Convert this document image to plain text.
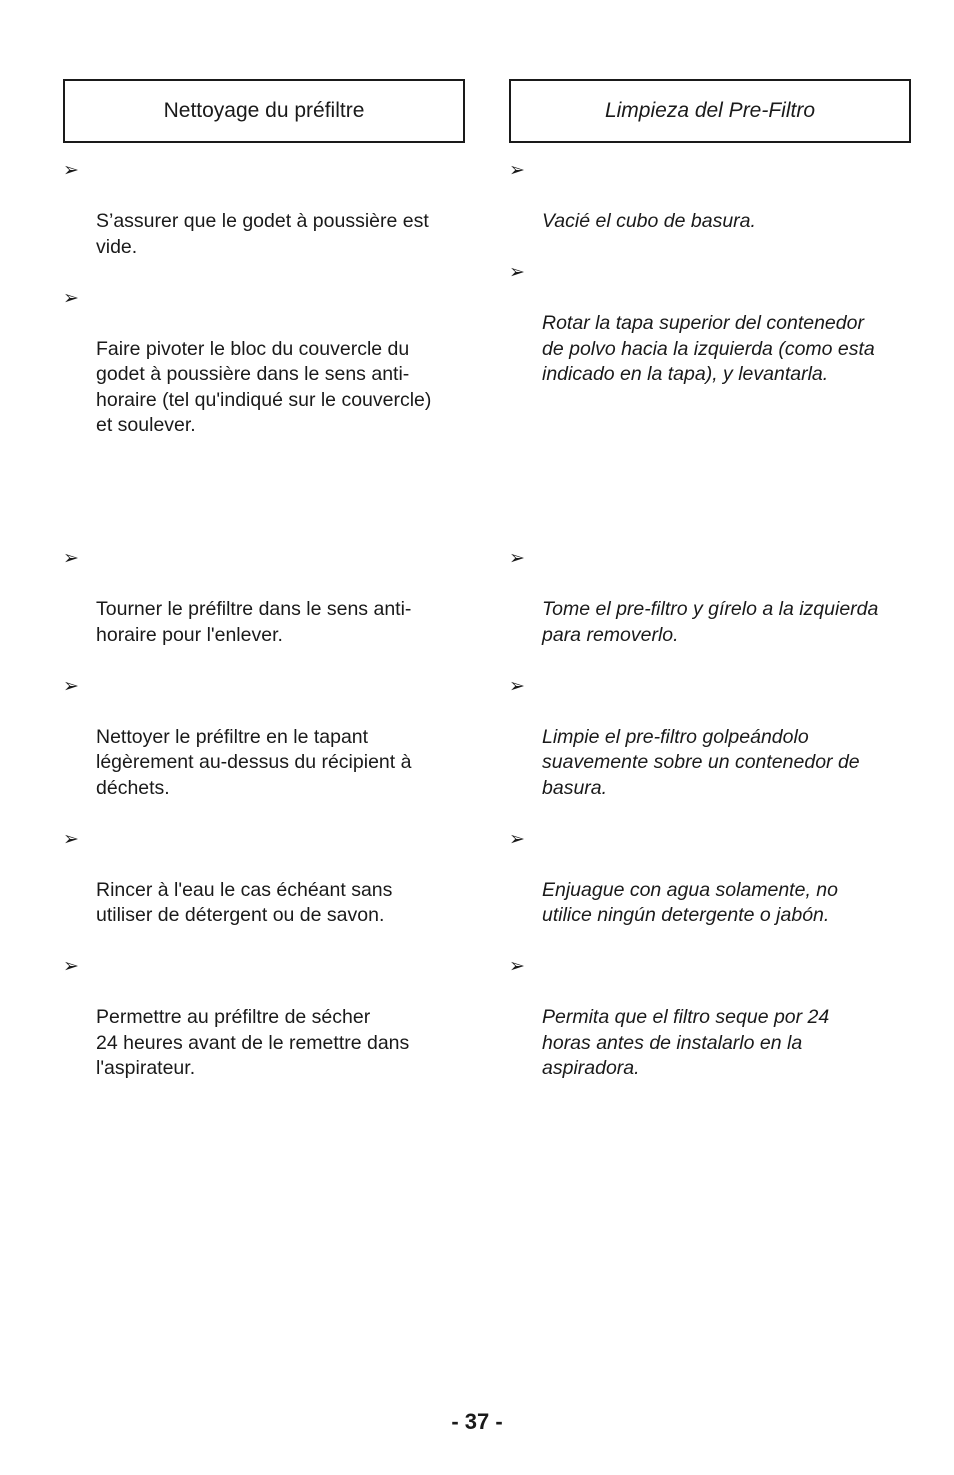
Nettoyage du préfiltre	Limpieza del Pre-Filtro

➢

S’assurer que le godet à poussière est
vide.

➢

Faire pivoter le bloc du couvercle du
godet à poussière dans le sens anti-
horaire (tel qu'indiqué sur le couvercle)
et soulever.

➢

Vacié el cubo de basura.

➢

Rotar la tapa superior del contenedor
de polvo hacia la izquierda (como esta
indicado en la tapa), y levantarla.

➢

Tourner le préfiltre dans le sens anti-
horaire pour l'enlever.

➢

Nettoyer le préfiltre en le tapant
légèrement au-dessus du récipient à
déchets.

➢

Rincer à l'eau le cas échéant sans
utiliser de détergent ou de savon.

➢

Permettre au préfiltre de sécher
24 heures avant de le remettre dans
l'aspirateur.

➢

Tome el pre-filtro y gírelo a la izquierda
para removerlo.

➢

Limpie el pre-filtro golpeándolo
suavemente sobre un contenedor de
basura.

➢

Enjuague con agua solamente, no
utilice ningún detergente o jabón.

➢

Permita que el filtro seque por 24
horas antes de instalarlo en la
aspiradora.

- 37 -
